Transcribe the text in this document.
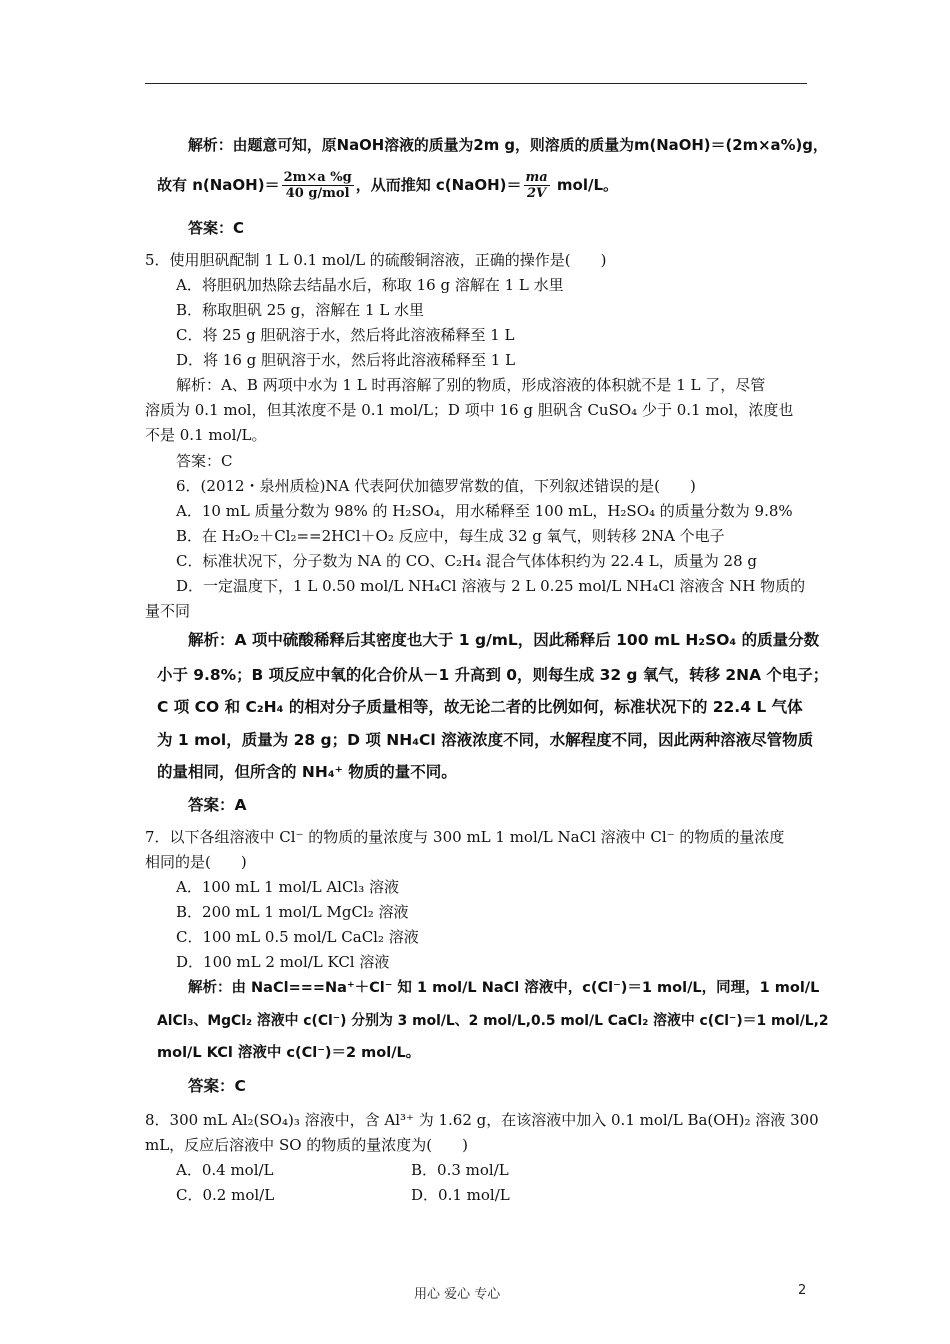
解析：由题意可知，原NaOH溶液的质量为2m g，则溶质的质量为m(NaOH)＝(2m×a%)g，
故有 n(NaOH)＝ $\frac{2m\times a \%g}{\text{40 g/mol}}$ ，从而推知 c(NaOH)＝ $\frac{ma}{2V} mol/L$。
答案：C
5．使用胆矾配制 1 L 0.1 mol/L 的硫酸铜溶液，正确的操作是(　　)
A．将胆矾加热除去结晶水后，称取 16 g 溶解在 1 L 水里
B．称取胆矾 25 g，溶解在 1 L 水里
C．将 25 g 胆矾溶于水，然后将此溶液稀释至 1 L
D．将 16 g 胆矾溶于水，然后将此溶液稀释至 1 L
解析：A、B 两项中水为 1 L 时再溶解了别的物质，形成溶液的体积就不是 1 L 了，尽管
溶质为 0.1 mol，但其浓度不是 0.1 mol/L；D 项中 16 g 胆矾含 CuSO₄ 少于 0.1 mol，浓度也
不是 0.1 mol/L。
答案：C
6．(2012・泉州质检)NA 代表阿伏加德罗常数的值，下列叙述错误的是(　　)
A．10 mL 质量分数为 98% 的 H₂SO₄，用水稀释至 100 mL，H₂SO₄ 的质量分数为 9.8%
B．在 H₂O₂＋Cl₂==2HCl＋O₂ 反应中，每生成 32 g 氧气，则转移 2NA 个电子
C．标准状况下，分子数为 NA 的 CO、C₂H₄ 混合气体体积约为 22.4 L，质量为 28 g
D．一定温度下，1 L 0.50 mol/L NH₄Cl 溶液与 2 L 0.25 mol/L NH₄Cl 溶液含 NH 物质的
量不同
解析：A 项中硫酸稀释后其密度也大于 1 g/mL，因此稀释后 100 mL H₂SO₄ 的质量分数
小于 9.8%；B 项反应中氧的化合价从－1 升高到 0，则每生成 32 g 氧气，转移 2NA 个电子；
C 项 CO 和 C₂H₄ 的相对分子质量相等，故无论二者的比例如何，标准状况下的 22.4 L 气体
为 1 mol，质量为 28 g；D 项 NH₄Cl 溶液浓度不同，水解程度不同，因此两种溶液尽管物质
的量相同，但所含的 NH₄⁺ 物质的量不同。
答案：A
7．以下各组溶液中 Cl⁻ 的物质的量浓度与 300 mL 1 mol/L NaCl 溶液中 Cl⁻ 的物质的量浓度
相同的是(　　)
A．100 mL 1 mol/L AlCl₃ 溶液
B．200 mL 1 mol/L MgCl₂ 溶液
C．100 mL 0.5 mol/L CaCl₂ 溶液
D．100 mL 2 mol/L KCl 溶液
解析：由 NaCl===Na⁺＋Cl⁻ 知 1 mol/L NaCl 溶液中，c(Cl⁻)＝1 mol/L，同理，1 mol/L
AlCl₃、MgCl₂ 溶液中 c(Cl⁻) 分别为 3 mol/L、2 mol/L,0.5 mol/L CaCl₂ 溶液中 c(Cl⁻)＝1 mol/L,2
mol/L KCl 溶液中 c(Cl⁻)＝2 mol/L。
答案：C
8．300 mL Al₂(SO₄)₃ 溶液中，含 Al³⁺ 为 1.62 g，在该溶液中加入 0.1 mol/L Ba(OH)₂ 溶液 300
mL，反应后溶液中 SO 的物质的量浓度为(　　)
A．0.4 mol/L	B．0.3 mol/L
C．0.2 mol/L	D．0.1 mol/L
用心 爱心 专心	2
